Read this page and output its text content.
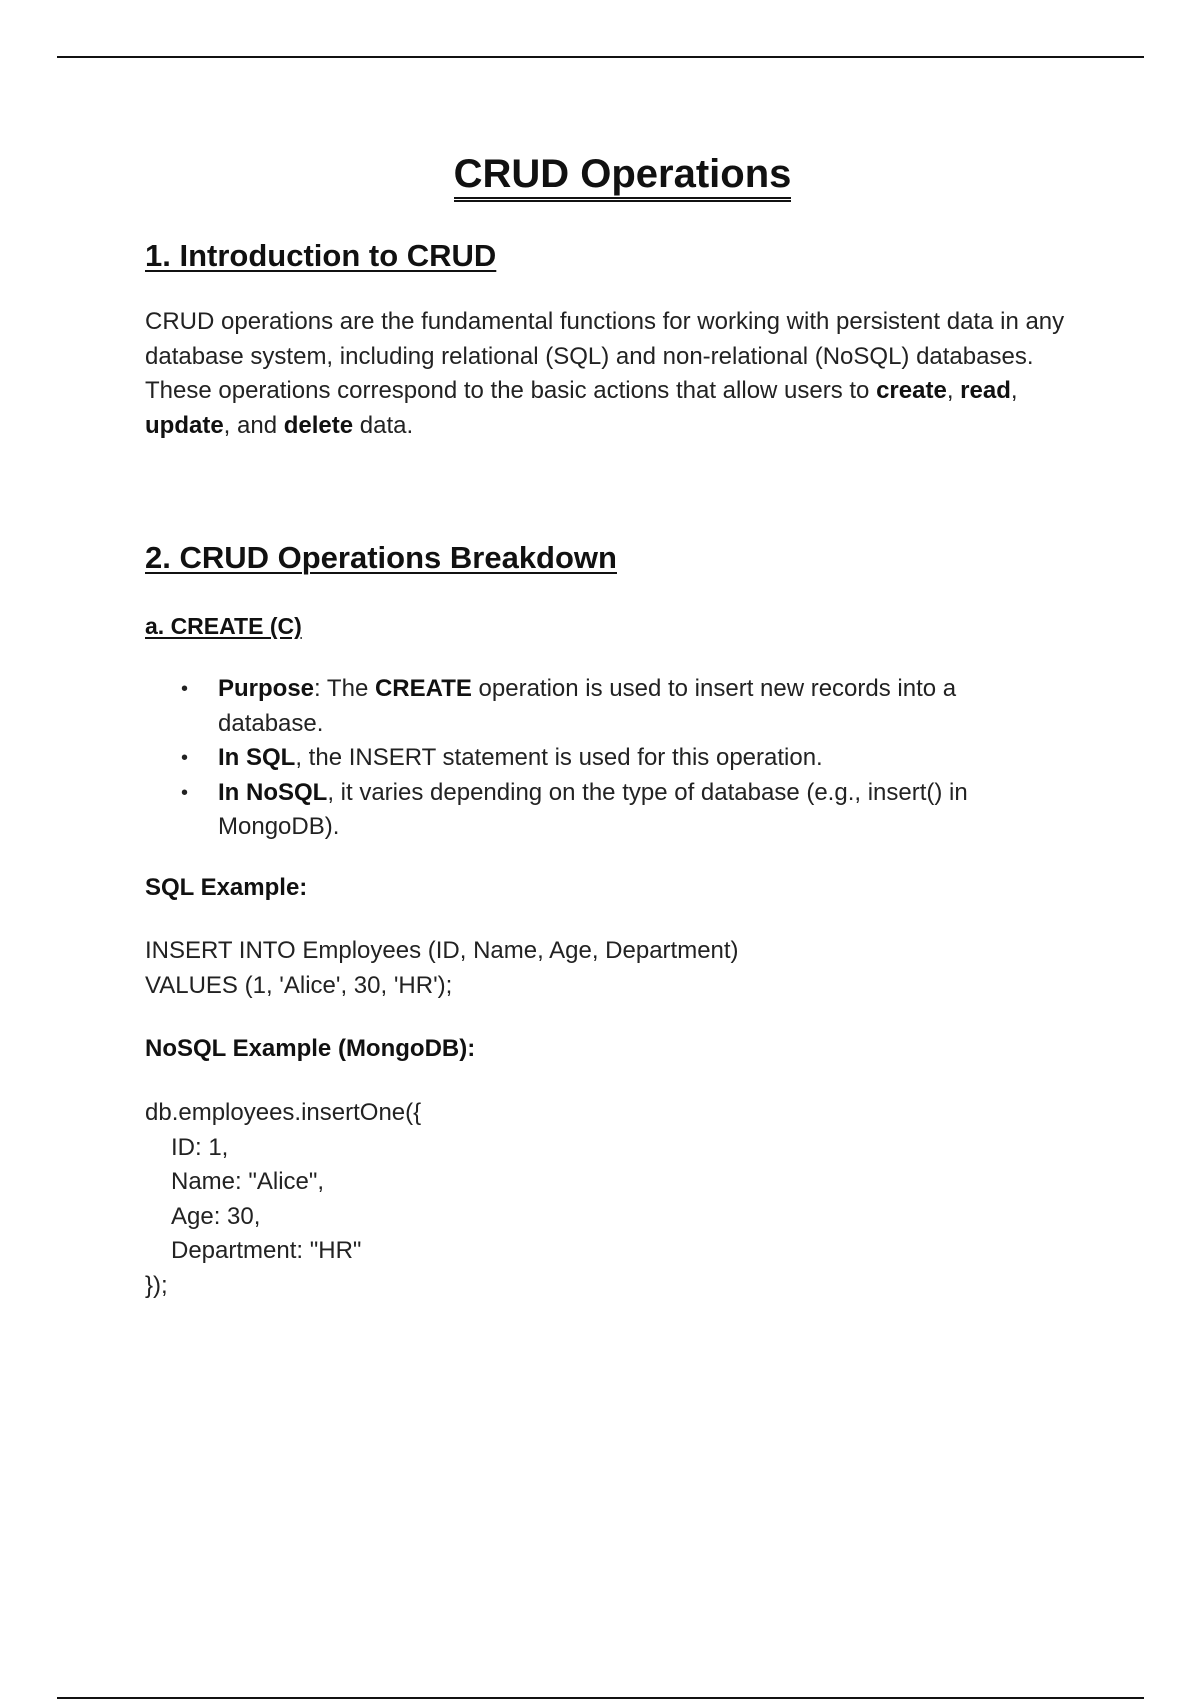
CRUD Operations
1. Introduction to CRUD

CRUD operations are the fundamental functions for working with persistent data in any database system, including relational (SQL) and non-relational (NoSQL) databases. These operations correspond to the basic actions that allow users to create, read, update, and delete data.

2. CRUD Operations Breakdown
a. CREATE (C)
• Purpose: The CREATE operation is used to insert new records into a database.
• In SQL, the INSERT statement is used for this operation.
• In NoSQL, it varies depending on the type of database (e.g., insert() in MongoDB).

SQL Example:

INSERT INTO Employees (ID, Name, Age, Department)
VALUES (1, 'Alice', 30, 'HR');

NoSQL Example (MongoDB):

db.employees.insertOne({
ID: 1,
Name: "Alice",
Age: 30,
Department: "HR"
});
